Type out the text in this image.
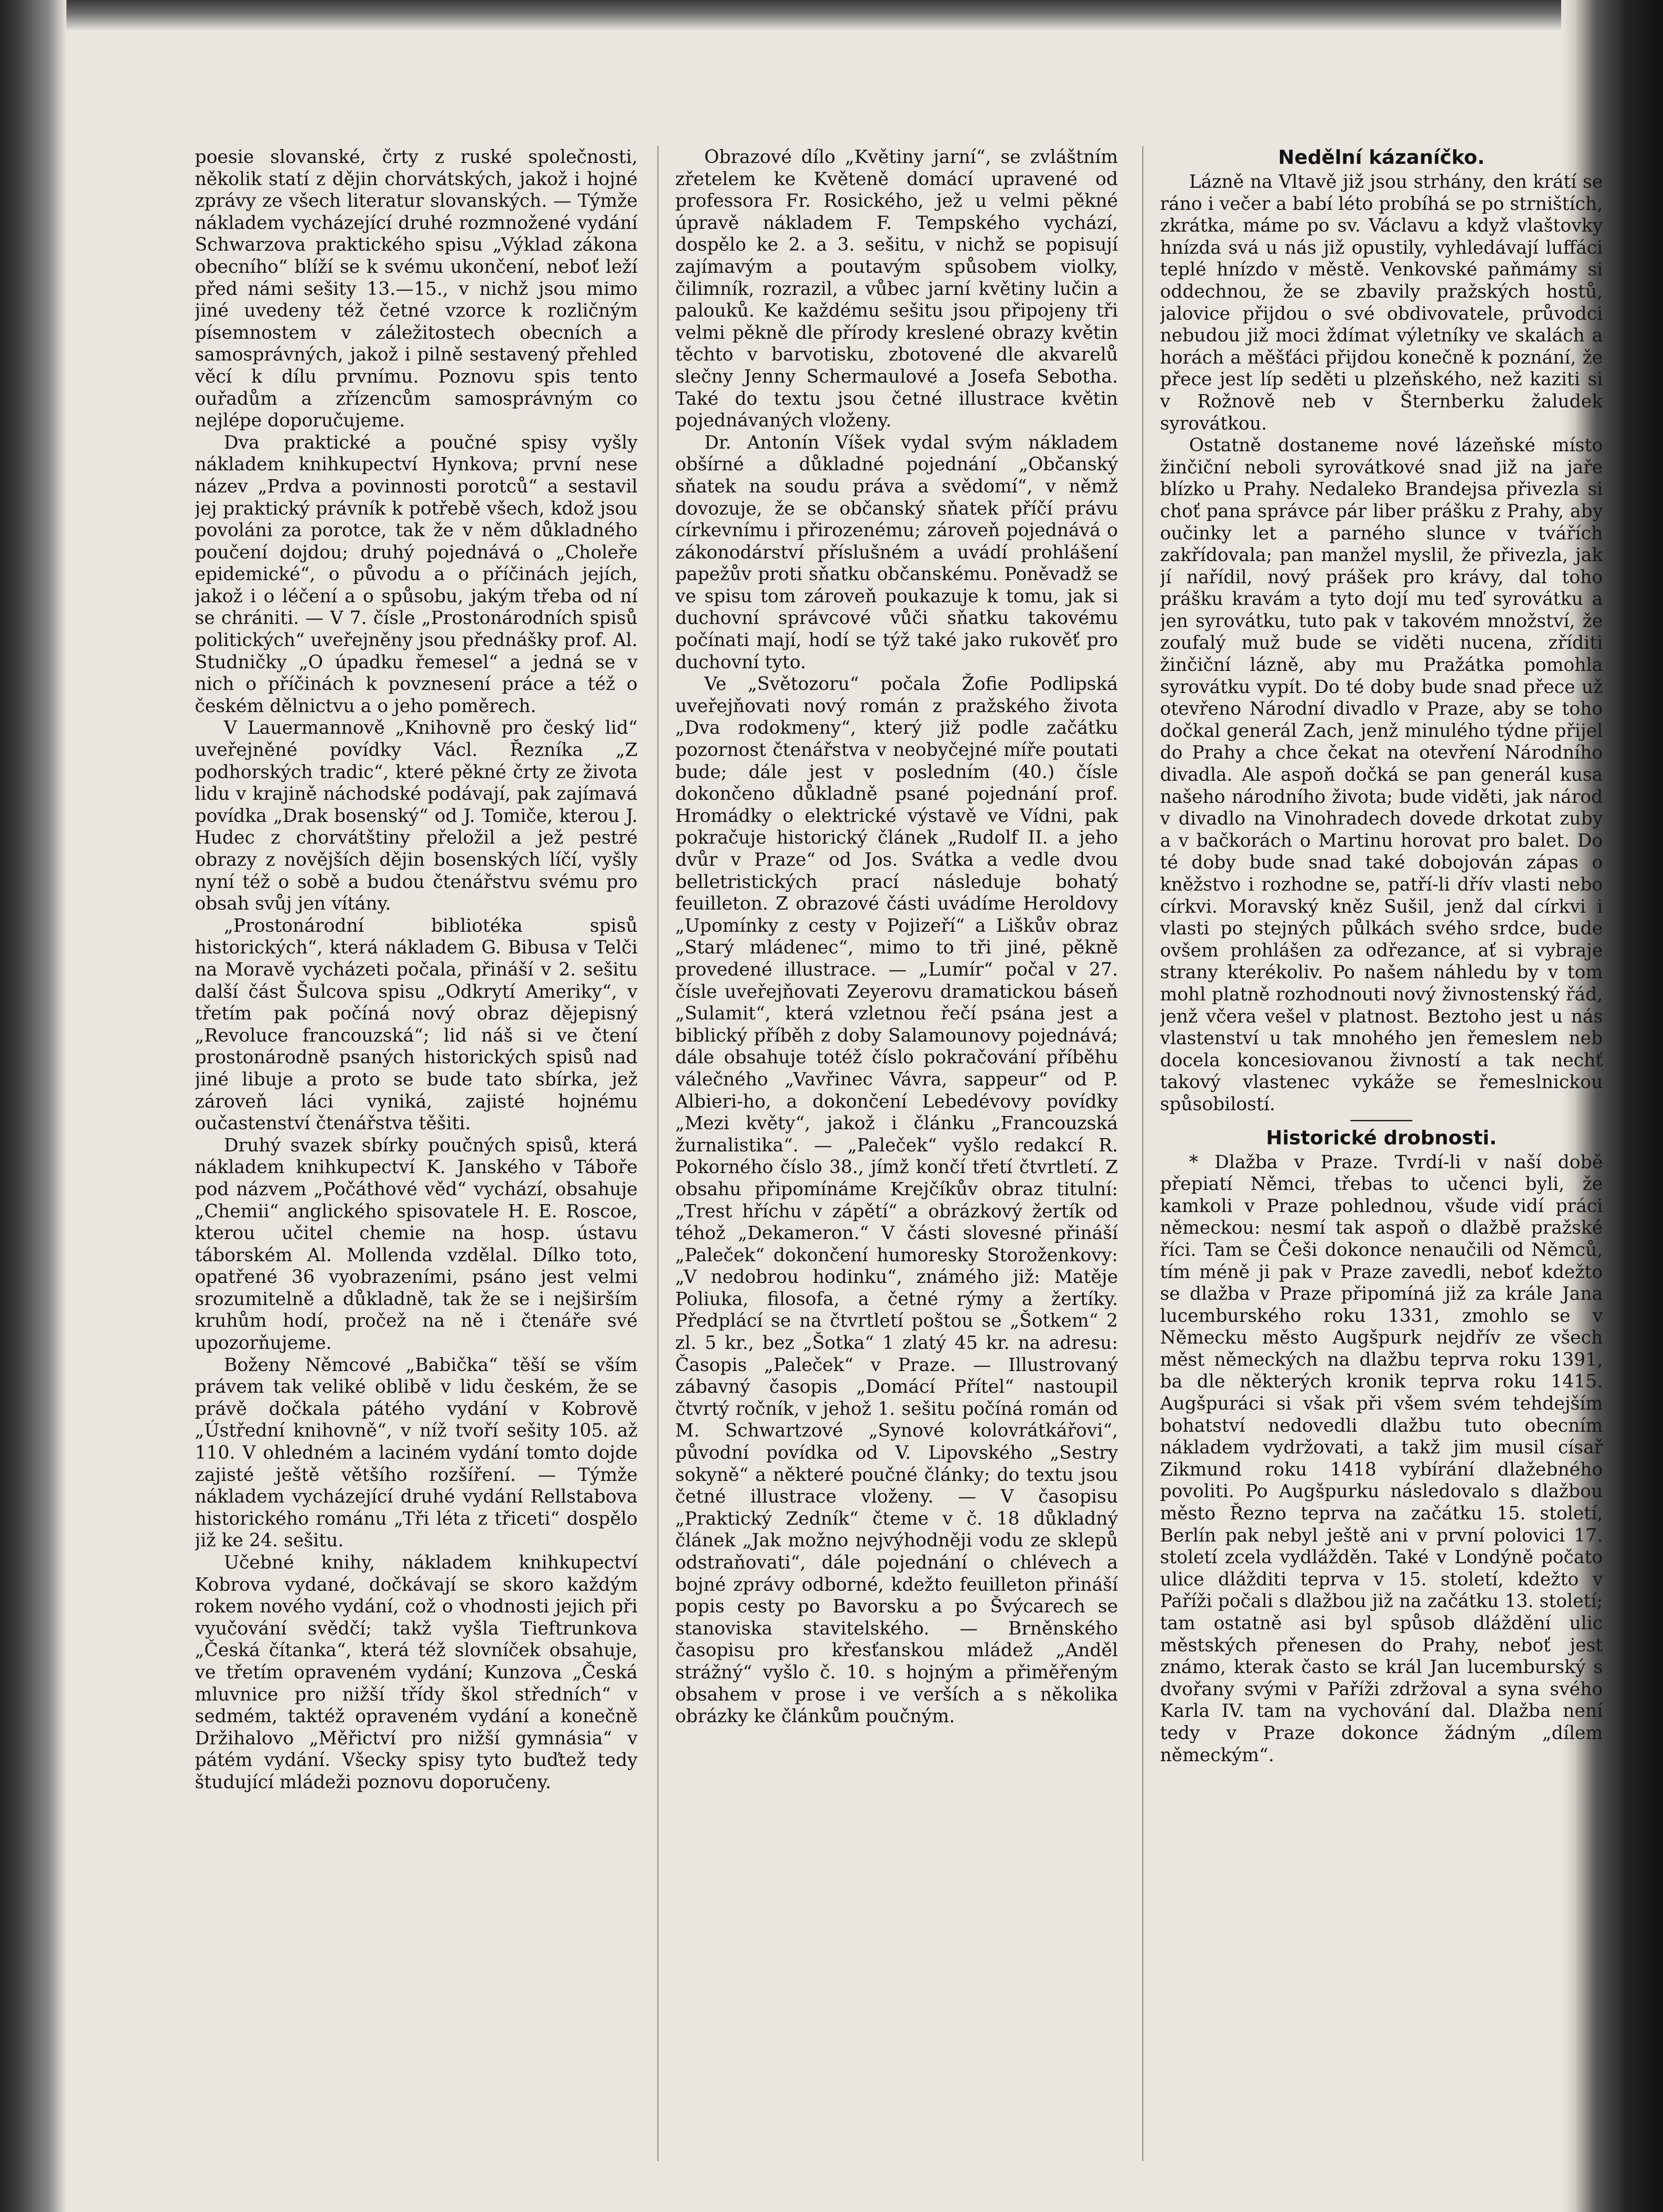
poesie slovanské, črty z ruské společnosti, několik statí z dějin chorvátských, jakož i hojné zprávy ze všech literatur slovanských. — Týmže nákladem vycházející druhé rozmnožené vydání Schwarzova praktického spisu „Výklad zákona obecního“ blíží se k svému ukončení, neboť leží před námi sešity 13.—15., v nichž jsou mimo jiné uvedeny též četné vzorce k rozličným písemnostem v záležitostech obecních a samosprávných, jakož i pilně sestavený přehled věcí k dílu prvnímu. Poznovu spis tento ouřadům a zřízencům samosprávným co nejlépe doporučujeme.

Dva praktické a poučné spisy vyšly nákladem knihkupectví Hynkova; první nese název „Prdva a povinnosti porotců“ a sestavil jej praktický právník k potřebě všech, kdož jsou povoláni za porotce, tak že v něm důkladného poučení dojdou; druhý pojednává o „Choleře epidemické“, o původu a o příčinách jejích, jakož i o léčení a o spůsobu, jakým třeba od ní se chrániti. — V 7. čísle „Prostonárodních spisů politických“ uveřejněny jsou přednášky prof. Al. Studničky „O úpadku řemesel“ a jedná se v nich o příčinách k povznesení práce a též o českém dělnictvu a o jeho poměrech.

V Lauermannově „Knihovně pro český lid“ uveřejněné povídky Václ. Řezníka „Z podhorských tradic“, které pěkné črty ze života lidu v krajině náchodské podávají, pak zajímavá povídka „Drak bosenský“ od J. Tomiče, kterou J. Hudec z chorvátštiny přeložil a jež pestré obrazy z novějších dějin bosenských líčí, vyšly nyní též o sobě a budou čtenářstvu svému pro obsah svůj jen vítány.

„Prostonárodní bibliotéka spisů historických“, která nákladem G. Bibusa v Telči na Moravě vycházeti počala, přináší v 2. sešitu další část Šulcova spisu „Odkrytí Ameriky“, v třetím pak počíná nový obraz dějepisný „Revoluce francouzská“; lid náš si ve čtení prostonárodně psaných historických spisů nad jiné libuje a proto se bude tato sbírka, jež zároveň láci vyniká, zajisté hojnému oučastenství čtenářstva těšiti.

Druhý svazek sbírky poučných spisů, která nákladem knihkupectví K. Janského v Táboře pod názvem „Počáthové věd“ vychází, obsahuje „Chemii“ anglického spisovatele H. E. Roscoe, kterou učitel chemie na hosp. ústavu táborském Al. Mollenda vzdělal. Dílko toto, opatřené 36 vyobrazeními, psáno jest velmi srozumitelně a důkladně, tak že se i nejširším kruhům hodí, pročež na ně i čtenáře své upozorňujeme.

Boženy Němcové „Babička“ těší se vším právem tak veliké oblibě v lidu českém, že se právě dočkala pátého vydání v Kobrově „Ústřední knihovně“, v níž tvoří sešity 105. až 110. V ohledném a laciném vydání tomto dojde zajisté ještě většího rozšíření. — Týmže nákladem vycházející druhé vydání Rellstabova historického románu „Tři léta z třiceti“ dospělo již ke 24. sešitu.

Učebné knihy, nákladem knihkupectví Kobrova vydané, dočkávají se skoro každým rokem nového vydání, což o vhodnosti jejich při vyučování svědčí; takž vyšla Tieftrunkova „Česká čítanka“, která též slovníček obsahuje, ve třetím opraveném vydání; Kunzova „Česká mluvnice pro nižší třídy škol středních“ v sedmém, taktéž opraveném vydání a konečně Držihalovo „Měřictví pro nižší gymnásia“ v pátém vydání. Všecky spisy tyto buďtež tedy študující mládeži poznovu doporučeny.

Obrazové dílo „Květiny jarní“, se zvláštním zřetelem ke Květeně domácí upravené od professora Fr. Rosického, jež u velmi pěkné úpravě nákladem F. Tempského vychází, dospělo ke 2. a 3. sešitu, v nichž se popisují zajímavým a poutavým spůsobem violky, čilimník, rozrazil, a vůbec jarní květiny lučin a palouků. Ke každému sešitu jsou připojeny tři velmi pěkně dle přírody kreslené obrazy květin těchto v barvotisku, zbotovené dle akvarelů slečny Jenny Schermaulové a Josefa Sebotha. Také do textu jsou četné illustrace květin pojednávaných vloženy.

Dr. Antonín Víšek vydal svým nákladem obšírné a důkladné pojednání „Občanský sňatek na soudu práva a svědomí“, v němž dovozuje, že se občanský sňatek příčí právu církevnímu i přirozenému; zároveň pojednává o zákonodárství příslušném a uvádí prohlášení papežův proti sňatku občanskému. Poněvadž se ve spisu tom zároveň poukazuje k tomu, jak si duchovní správcové vůči sňatku takovému počínati mají, hodí se týž také jako rukověť pro duchovní tyto.

Ve „Světozoru“ počala Žofie Podlipská uveřejňovati nový román z pražského života „Dva rodokmeny“, který již podle začátku pozornost čtenářstva v neobyčejné míře poutati bude; dále jest v posledním (40.) čísle dokončeno důkladně psané pojednání prof. Hromádky o elektrické výstavě ve Vídni, pak pokračuje historický článek „Rudolf II. a jeho dvůr v Praze“ od Jos. Svátka a vedle dvou belletristických prací následuje bohatý feuilleton. Z obrazové části uvádíme Heroldovy „Upomínky z cesty v Pojizeří“ a Liškův obraz „Starý mládenec“, mimo to tři jiné, pěkně provedené illustrace. — „Lumír“ počal v 27. čísle uveřejňovati Zeyerovu dramatickou báseň „Sulamit“, která vzletnou řečí psána jest a biblický příběh z doby Salamounovy pojednává; dále obsahuje totéž číslo pokračování příběhu válečného „Vavřinec Vávra, sappeur“ od P. Albieri-ho, a dokončení Lebedévovy povídky „Mezi květy“, jakož i článku „Francouzská žurnalistika“. — „Paleček“ vyšlo redakcí R. Pokorného číslo 38., jímž končí třetí čtvrtletí. Z obsahu připomínáme Krejčíkův obraz titulní: „Trest hříchu v zápětí“ a obrázkový žertík od téhož „Dekameron.“ V části slovesné přináší „Paleček“ dokončení humoresky Storoženkovy: „V nedobrou hodinku“, známého již: Matěje Poliuka, filosofa, a četné rýmy a žertíky. Předplácí se na čtvrtletí poštou se „Šotkem“ 2 zl. 5 kr., bez „Šotka“ 1 zlatý 45 kr. na adresu: Časopis „Paleček“ v Praze. — Illustrovaný zábavný časopis „Domácí Přítel“ nastoupil čtvrtý ročník, v jehož 1. sešitu počíná román od M. Schwartzové „Synové kolovrátkářovi“, původní povídka od V. Lipovského „Sestry sokyně“ a některé poučné články; do textu jsou četné illustrace vloženy. — V časopisu „Praktický Zedník“ čteme v č. 18 důkladný článek „Jak možno nejvýhodněji vodu ze sklepů odstraňovati“, dále pojednání o chlévech a bojné zprávy odborné, kdežto feuilleton přináší popis cesty po Bavorsku a po Švýcarech se stanoviska stavitelského. — Brněnského časopisu pro křesťanskou mládež „Anděl strážný“ vyšlo č. 10. s hojným a přiměřeným obsahem v prose i ve verších a s několika obrázky ke článkům poučným.

Nedělní kázaníčko.

Lázně na Vltavě již jsou strhány, den krátí se ráno i večer a babí léto probíhá se po strništích, zkrátka, máme po sv. Václavu a když vlaštovky hnízda svá u nás již opustily, vyhledávají luffáci teplé hnízdo v městě. Venkovské paňmámy si oddechnou, že se zbavily pražských hostů, jalovice přijdou o své obdivovatele, průvodci nebudou již moci ždímat výletníky ve skalách a horách a měšťáci přijdou konečně k poznání, že přece jest líp seděti u plzeňského, než kaziti si v Rožnově neb v Šternberku žaludek syrovátkou.

Ostatně dostaneme nové lázeňské místo žinčiční neboli syrovátkové snad již na jaře blízko u Prahy. Nedaleko Brandejsa přivezla si choť pana správce pár liber prášku z Prahy, aby oučinky let a parného slunce v tvářích zakřídovala; pan manžel myslil, že přivezla, jak jí nařídil, nový prášek pro krávy, dal toho prášku kravám a tyto dojí mu teď syrovátku a jen syrovátku, tuto pak v takovém množství, že zoufalý muž bude se viděti nucena, zříditi žinčiční lázně, aby mu Pražátka pomohla syrovátku vypít. Do té doby bude snad přece už otevřeno Národní divadlo v Praze, aby se toho dočkal generál Zach, jenž minulého týdne přijel do Prahy a chce čekat na otevření Národního divadla. Ale aspoň dočká se pan generál kusa našeho národního života; bude viděti, jak národ v divadlo na Vinohradech dovede drkotat zuby a v bačkorách o Martinu horovat pro balet. Do té doby bude snad také dobojován zápas o kněžstvo i rozhodne se, patří-li dřív vlasti nebo církvi. Moravský kněz Sušil, jenž dal církvi i vlasti po stejných půlkách svého srdce, bude ovšem prohlášen za odřezance, ať si vybraje strany kterékoliv. Po našem náhledu by v tom mohl platně rozhodnouti nový živnostenský řád, jenž včera vešel v platnost. Beztoho jest u nás vlastenství u tak mnohého jen řemeslem neb docela koncesiovanou živností a tak nechť takový vlastenec vykáže se řemeslnickou spůsobilostí.

Historické drobnosti.

* Dlažba v Praze. Tvrdí-li v naší době přepiatí Němci, třebas to učenci byli, že kamkoli v Praze pohlednou, všude vidí práci německou: nesmí tak aspoň o dlažbě pražské říci. Tam se Češi dokonce nenaučili od Němců, tím méně ji pak v Praze zavedli, neboť kdežto se dlažba v Praze připomíná již za krále Jana lucemburského roku 1331, zmohlo se v Německu město Augšpurk nejdřív ze všech měst německých na dlažbu teprva roku 1391, ba dle některých kronik teprva roku 1415. Augšpuráci si však při všem svém tehdejším bohatství nedovedli dlažbu tuto obecním nákladem vydržovati, a takž jim musil císař Zikmund roku 1418 vybírání dlažebného povoliti. Po Augšpurku následovalo s dlažbou město Řezno teprva na začátku 15. století, Berlín pak nebyl ještě ani v první polovici 17. století zcela vydlážděn. Také v Londýně počato ulice dlážditi teprva v 15. století, kdežto v Paříži počali s dlažbou již na začátku 13. století; tam ostatně asi byl spůsob dláždění ulic městských přenesen do Prahy, neboť jest známo, kterak často se král Jan lucemburský s dvořany svými v Paříži zdržoval a syna svého Karla IV. tam na vychování dal. Dlažba není tedy v Praze dokonce žádným „dílem německým“.
